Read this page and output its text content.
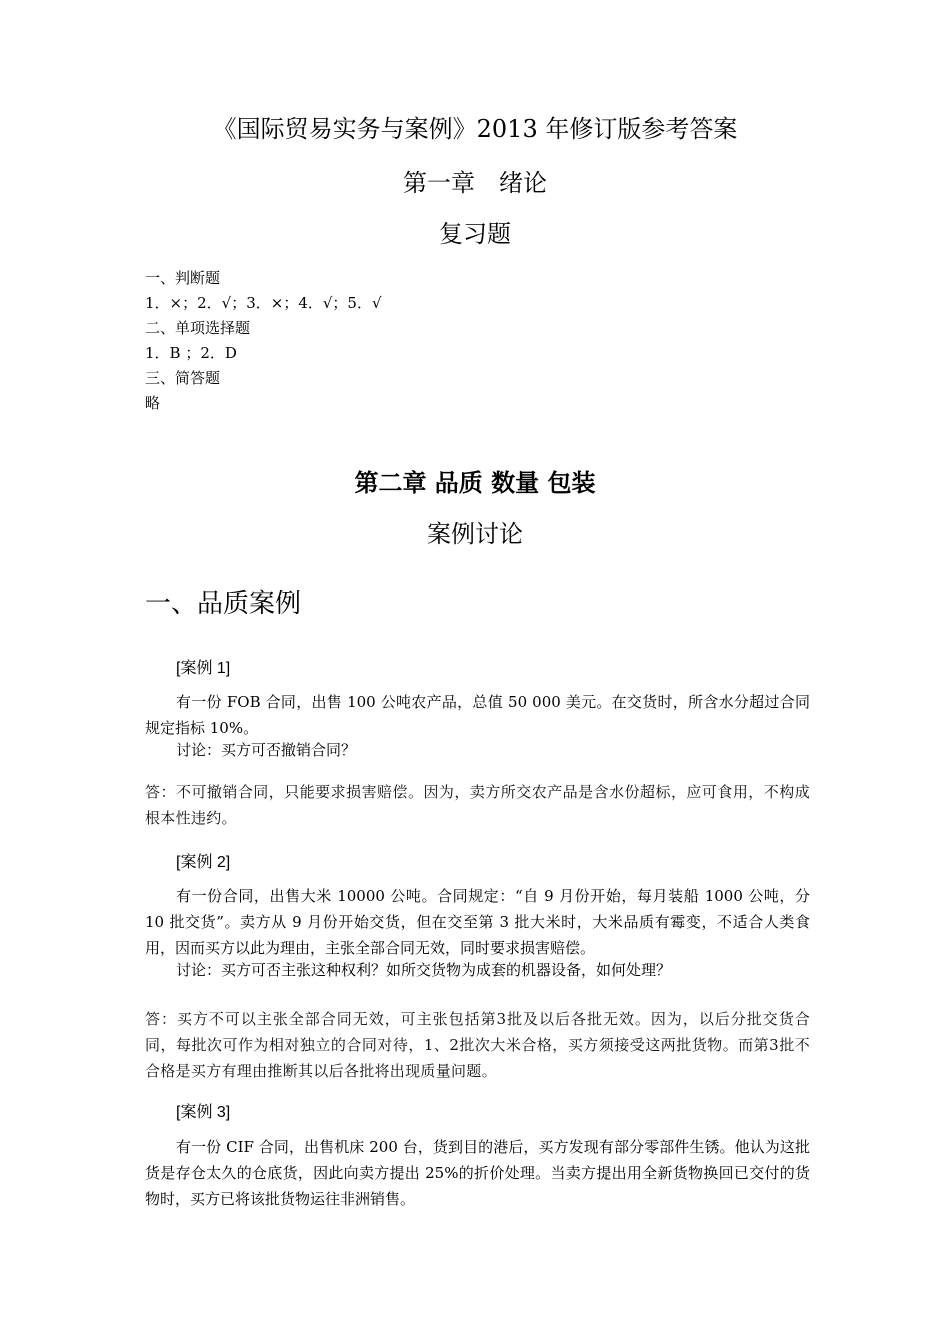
《国际贸易实务与案例》2013 年修订版参考答案
第一章　绪论
复习题
一、判断题
1．×；2．√；3．×；4．√；5．√
二、单项选择题
1．B ；2．D
三、简答题
略
第二章 品质 数量 包装
案例讨论
一、品质案例
[案例 1]

有一份 FOB 合同，出售 100 公吨农产品，总值 50 000 美元。在交货时，所含水分超过合同规定指标 10%。

讨论：买方可否撤销合同？

答：不可撤销合同，只能要求损害赔偿。因为，卖方所交农产品是含水份超标，应可食用，不构成根本性违约。

[案例 2]

有一份合同，出售大米 10000 公吨。合同规定：“自 9 月份开始，每月装船 1000 公吨，分 10 批交货”。卖方从 9 月份开始交货，但在交至第 3 批大米时，大米品质有霉变，不适合人类食用，因而买方以此为理由，主张全部合同无效，同时要求损害赔偿。

讨论：买方可否主张这种权利？如所交货物为成套的机器设备，如何处理？

答：买方不可以主张全部合同无效，可主张包括第3批及以后各批无效。因为，以后分批交货合同，每批次可作为相对独立的合同对待，1、2批次大米合格，买方须接受这两批货物。而第3批不合格是买方有理由推断其以后各批将出现质量问题。

[案例 3]

有一份 CIF 合同，出售机床 200 台，货到目的港后，买方发现有部分零部件生锈。他认为这批货是存仓太久的仓底货，因此向卖方提出 25%的折价处理。当卖方提出用全新货物换回已交付的货物时，买方已将该批货物运往非洲销售。
